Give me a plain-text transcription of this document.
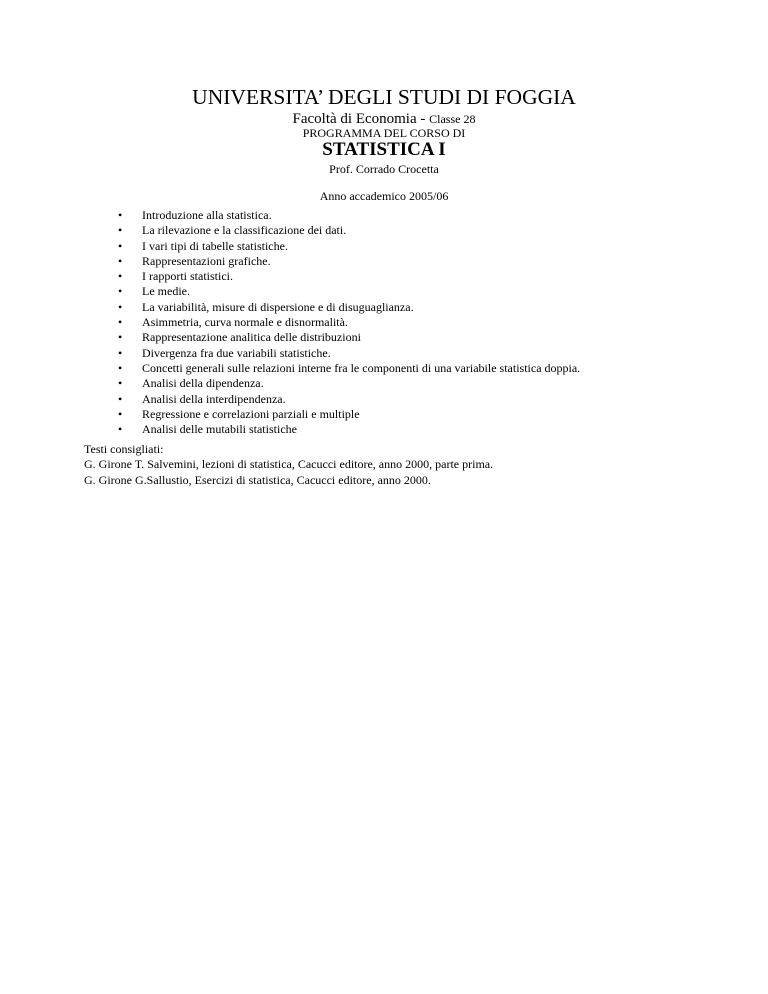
UNIVERSITA’ DEGLI STUDI DI FOGGIA
Facoltà di Economia - Classe 28
PROGRAMMA DEL CORSO DI
STATISTICA I
Prof. Corrado Crocetta
Anno accademico 2005/06
• Introduzione alla statistica.
• La rilevazione e la classificazione dei dati.
• I vari tipi di tabelle statistiche.
• Rappresentazioni grafiche.
• I rapporti statistici.
• Le medie.
• La variabilità, misure di dispersione e di disuguaglianza.
• Asimmetria, curva normale e disnormalità.
• Rappresentazione analitica delle distribuzioni
• Divergenza fra due variabili statistiche.
• Concetti generali sulle relazioni interne fra le componenti di una variabile statistica doppia.
• Analisi della dipendenza.
• Analisi della interdipendenza.
• Regressione e correlazioni parziali e multiple
• Analisi delle mutabili statistiche
Testi consigliati:
G. Girone T. Salvemini, lezioni di statistica, Cacucci editore, anno 2000, parte prima.
G. Girone G.Sallustio, Esercizi di statistica, Cacucci editore, anno 2000.
